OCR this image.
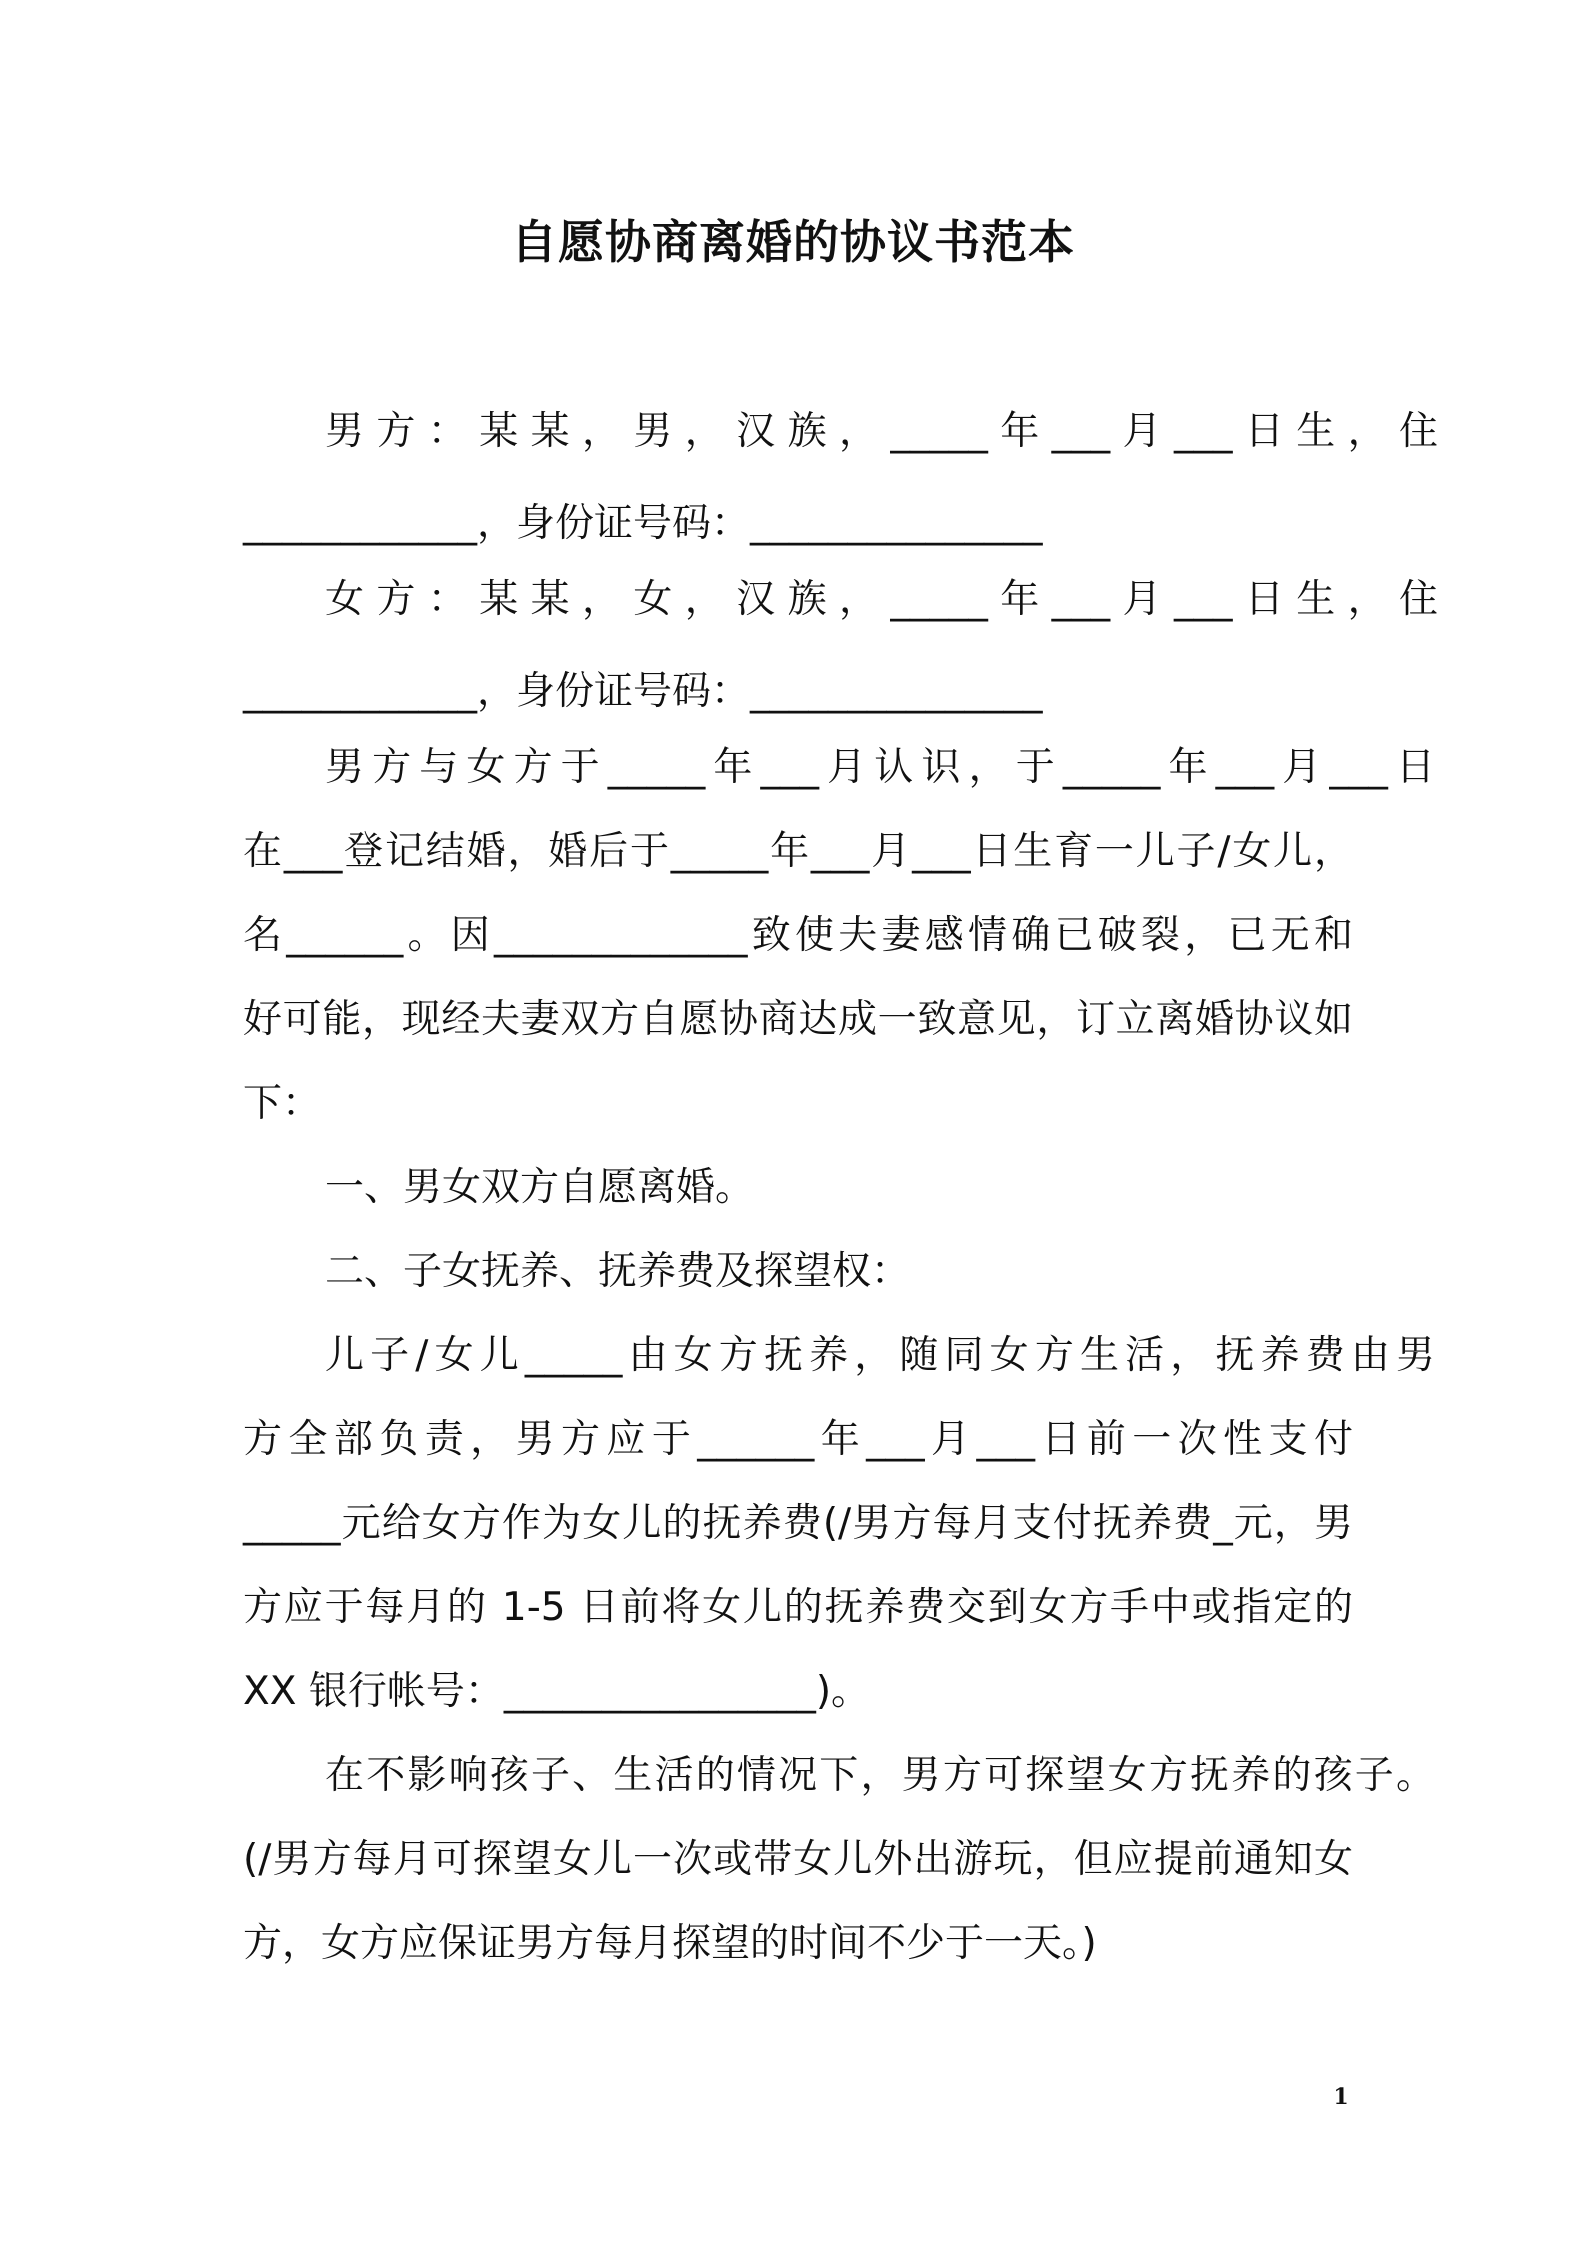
自愿协商离婚的协议书范本
男 方 ： 某 某 ， 男 ， 汉 族 ， _____ 年 ___ 月 ___ 日 生 ， 住
____________，身份证号码：_______________
女 方 ： 某 某 ， 女 ， 汉 族 ， _____ 年 ___ 月 ___ 日 生 ， 住
____________，身份证号码：_______________
男方与女方于_____年___月认识，于_____年___月___日
在___登记结婚，婚后于_____年___月___日生育一儿子/女儿，
名______。因_____________致使夫妻感情确已破裂，已无和
好可能，现经夫妻双方自愿协商达成一致意见，订立离婚协议如
下：
一、男女双方自愿离婚。
二、子女抚养、抚养费及探望权：
儿子/女儿_____由女方抚养，随同女方生活，抚养费由男
方全部负责，男方应于______年___月___日前一次性支付
_____元给女方作为女儿的抚养费(/男方每月支付抚养费_元，男
方应于每月的 1-5 日前将女儿的抚养费交到女方手中或指定的
XX 银行帐号：________________)。
在不影响孩子、生活的情况下，男方可探望女方抚养的孩子。
(/男方每月可探望女儿一次或带女儿外出游玩，但应提前通知女
方，女方应保证男方每月探望的时间不少于一天。)
1
